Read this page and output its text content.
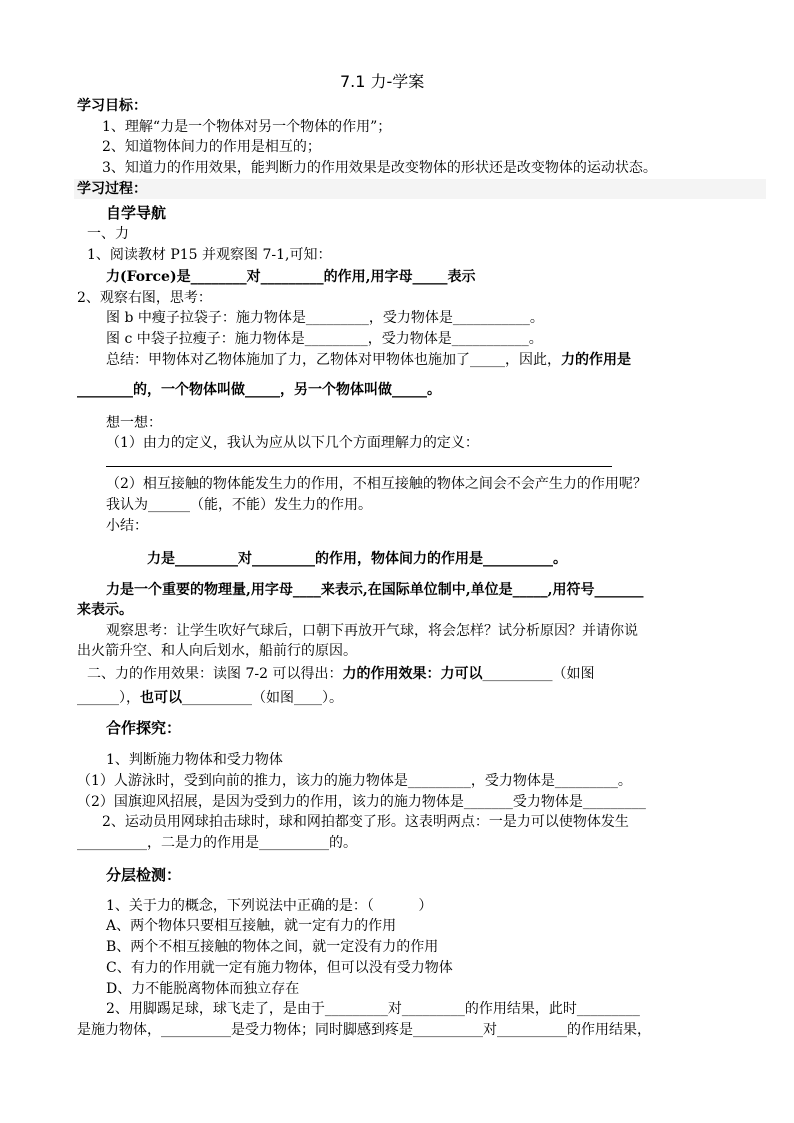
7.1 力-学案
学习目标：
1、理解“力是一个物体对另一个物体的作用”；
2、知道物体间力的作用是相互的；
3、知道力的作用效果，能判断力的作用效果是改变物体的形状还是改变物体的运动状态。
学习过程：
自学导航
一、力
1、阅读教材 P15 并观察图 7-1,可知：
力(Force)是________对_________的作用,用字母_____表示
2、观察右图，思考：
图 b 中瘦子拉袋子：施力物体是_________，受力物体是___________。
图 c 中袋子拉瘦子：施力物体是_________，受力物体是___________。
总结：甲物体对乙物体施加了力，乙物体对甲物体也施加了_____，因此，力的作用是
________的，一个物体叫做_____，另一个物体叫做_____。
想一想：
（1）由力的定义，我认为应从以下几个方面理解力的定义：
（2）相互接触的物体能发生力的作用，不相互接触的物体之间会不会产生力的作用呢？
我认为______（能，不能）发生力的作用。
小结：
力是_________对_________的作用，物体间力的作用是__________。
力是一个重要的物理量,用字母____来表示,在国际单位制中,单位是_____,用符号_______
来表示。
观察思考：让学生吹好气球后，口朝下再放开气球，将会怎样？试分析原因？并请你说
出火箭升空、和人向后划水，船前行的原因。
二、力的作用效果：读图 7-2 可以得出：力的作用效果：力可以__________（如图
______），也可以__________（如图____）。
合作探究：
1、判断施力物体和受力物体
（1）人游泳时，受到向前的推力，该力的施力物体是_________，受力物体是_________。
（2）国旗迎风招展，是因为受到力的作用，该力的施力物体是_______受力物体是_________
2、运动员用网球拍击球时，球和网拍都变了形。这表明两点：一是力可以使物体发生
__________，二是力的作用是__________的。
分层检测：
1、关于力的概念，下列说法中正确的是：（          ）
A、两个物体只要相互接触，就一定有力的作用
B、两个不相互接触的物体之间，就一定没有力的作用
C、有力的作用就一定有施力物体，但可以没有受力物体
D、力不能脱离物体而独立存在
2、用脚踢足球，球飞走了，是由于_________对_________的作用结果，此时_________
是施力物体，__________是受力物体；同时脚感到疼是__________对__________的作用结果，
